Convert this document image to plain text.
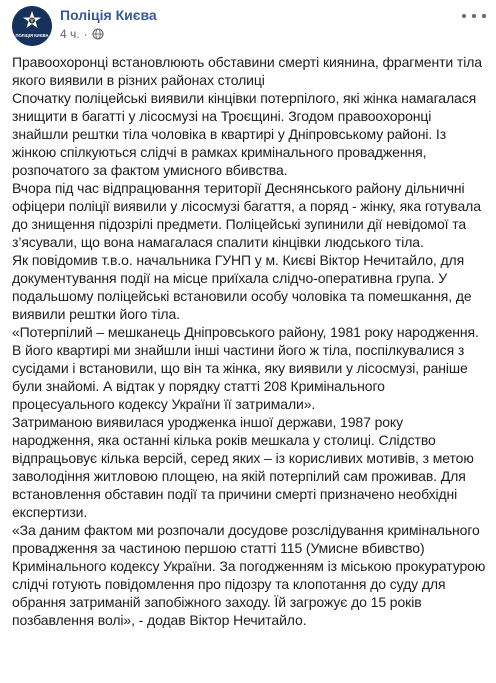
ПОЛІЦІЯ КИЄВА
Поліція Києва
4 ч. ·

Правоохоронці встановлюють обставини смерті киянина, фрагменти тіла якого виявили в різних районах столиці

Спочатку поліцейські виявили кінцівки потерпілого, які жінка намагалася знищити в багатті у лісосмузі на Троєщині. Згодом правоохоронці знайшли рештки тіла чоловіка в квартирі у Дніпровському районі. Із жінкою спілкуються слідчі в рамках кримінального провадження, розпочатого за фактом умисного вбивства.

Вчора під час відпрацювання території Деснянського району дільничні офіцери поліції виявили у лісосмузі багаття, а поряд - жінку, яка готувала до знищення підозрілі предмети. Поліцейські зупинили дії невідомої та з’ясували, що вона намагалася спалити кінцівки людського тіла.

Як повідомив т.в.о. начальника ГУНП у м. Києві Віктор Нечитайло, для документування події на місце приїхала слідчо-оперативна група. У подальшому поліцейські встановили особу чоловіка та помешкання, де виявили рештки його тіла.

«Потерпілий – мешканець Дніпровського району, 1981 року народження. В його квартирі ми знайшли інші частини його ж тіла, поспілкувалися з сусідами і встановили, що він та жінка, яку виявили у лісосмузі, раніше були знайомі. А відтак у порядку статті 208 Кримінального процесуального кодексу України її затримали».

Затриманою виявилася уродженка іншої держави, 1987 року народження, яка останні кілька років мешкала у столиці. Слідство відпрацьовує кілька версій, серед яких – із корисливих мотивів, з метою заволодіння житловою площею, на якій потерпілий сам проживав. Для встановлення обставин події та причини смерті призначено необхідні експертизи.

«За даним фактом ми розпочали досудове розслідування кримінального провадження за частиною першою статті 115 (Умисне вбивство) Кримінального кодексу України. За погодженням із міською прокуратурою слідчі готують повідомлення про підозру та клопотання до суду для обрання затриманій запобіжного заходу. Їй загрожує до 15 років позбавлення волі», - додав Віктор Нечитайло.
